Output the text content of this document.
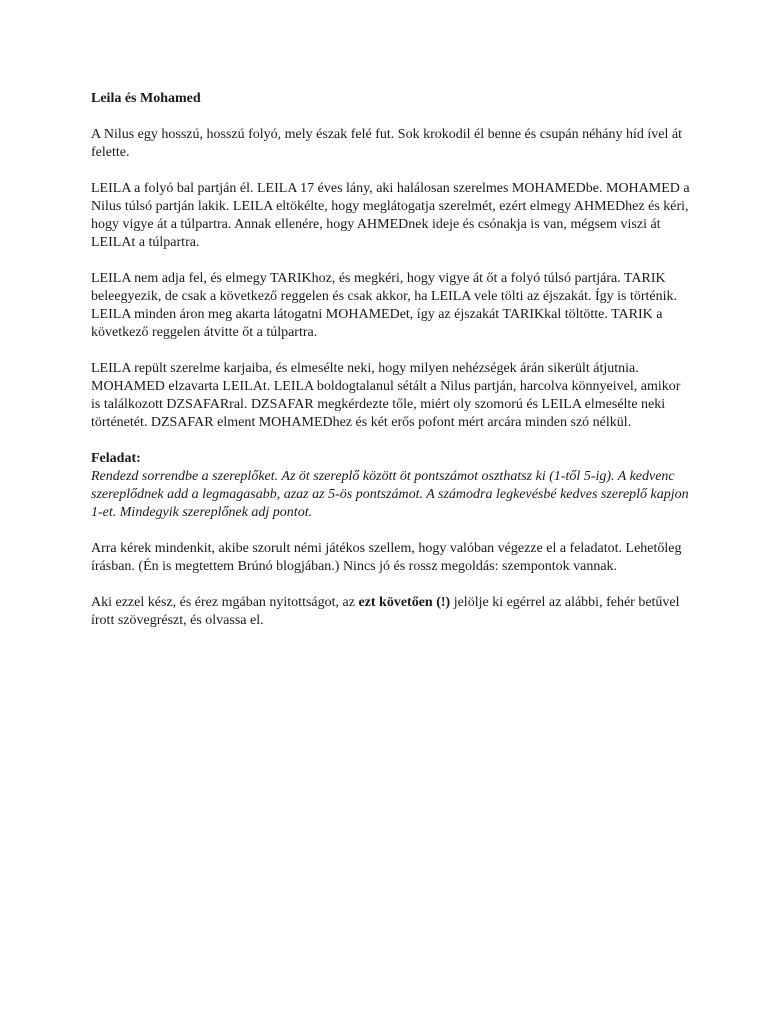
Leila és Mohamed

A Nilus egy hosszú, hosszú folyó, mely észak felé fut. Sok krokodil él benne és csupán néhány híd ível át felette.

LEILA a folyó bal partján él. LEILA 17 éves lány, aki halálosan szerelmes MOHAMEDbe. MOHAMED a Nilus túlsó partján lakik. LEILA eltökélte, hogy meglátogatja szerelmét, ezért elmegy AHMEDhez és kéri, hogy vigye át a túlpartra. Annak ellenére, hogy AHMEDnek ideje és csónakja is van, mégsem viszi át LEILAt a túlpartra.

LEILA nem adja fel, és elmegy TARIKhoz, és megkéri, hogy vigye át őt a folyó túlsó partjára. TARIK beleegyezik, de csak a következő reggelen és csak akkor, ha LEILA vele tölti az éjszakát. Így is történik. LEILA minden áron meg akarta látogatni MOHAMEDet, így az éjszakát TARIKkal töltötte. TARIK a következő reggelen átvitte őt a túlpartra.

LEILA repült szerelme karjaiba, és elmesélte neki, hogy milyen nehézségek árán sikerült átjutnia. MOHAMED elzavarta LEILAt. LEILA boldogtalanul sétált a Nilus partján, harcolva könnyeivel, amikor is találkozott DZSAFARral. DZSAFAR megkérdezte tőle, miért oly szomorú és LEILA elmesélte neki történetét. DZSAFAR elment MOHAMEDhez és két erős pofont mért arcára minden szó nélkül.

Feladat:

Rendezd sorrendbe a szereplőket. Az öt szereplő között öt pontszámot oszthatsz ki (1-től 5-ig). A kedvenc szereplődnek add a legmagasabb, azaz az 5-ös pontszámot. A számodra legkevésbé kedves szereplő kapjon 1-et. Mindegyik szereplőnek adj pontot.

Arra kérek mindenkit, akibe szorult némi játékos szellem, hogy valóban végezze el a feladatot. Lehetőleg írásban. (Én is megtettem Brúnó blogjában.) Nincs jó és rossz megoldás: szempontok vannak.

Aki ezzel kész, és érez mgában nyitottságot, az ezt követően (!) jelölje ki egérrel az alábbi, fehér betűvel írott szövegrészt, és olvassa el.
